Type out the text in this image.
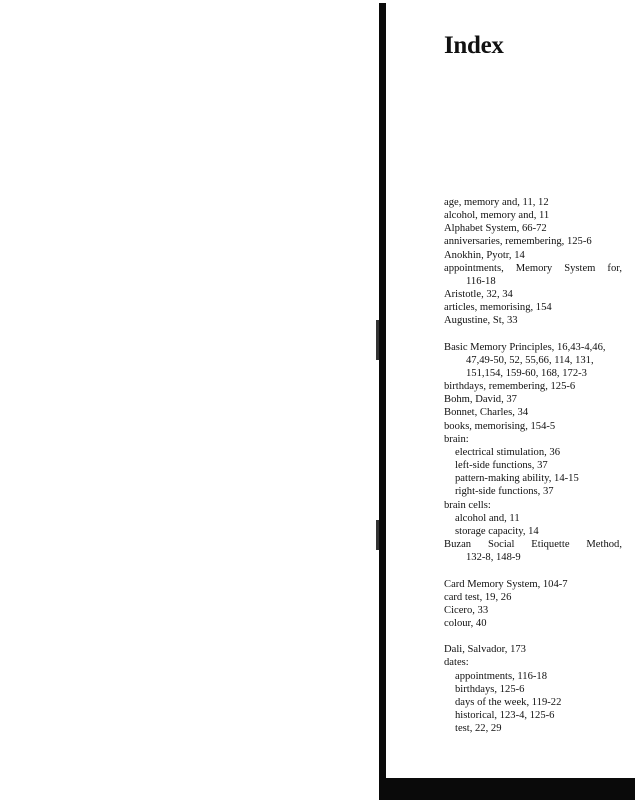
Index
age, memory and, 11, 12
alcohol, memory and, 11
Alphabet System, 66-72
anniversaries, remembering, 125-6
Anokhin, Pyotr, 14
appointments, Memory System for,
116-18
Aristotle, 32, 34
articles, memorising, 154
Augustine, St, 33
Basic Memory Principles, 16,43-4,46,
47,49-50, 52, 55,66, 114, 131,
151,154, 159-60, 168, 172-3
birthdays, remembering, 125-6
Bohm, David, 37
Bonnet, Charles, 34
books, memorising, 154-5
brain:
electrical stimulation, 36
left-side functions, 37
pattern-making ability, 14-15
right-side functions, 37
brain cells:
alcohol and, 11
storage capacity, 14
Buzan Social Etiquette Method,
132-8, 148-9
Card Memory System, 104-7
card test, 19, 26
Cicero, 33
colour, 40
Dali, Salvador, 173
dates:
appointments, 116-18
birthdays, 125-6
days of the week, 119-22
historical, 123-4, 125-6
test, 22, 29
